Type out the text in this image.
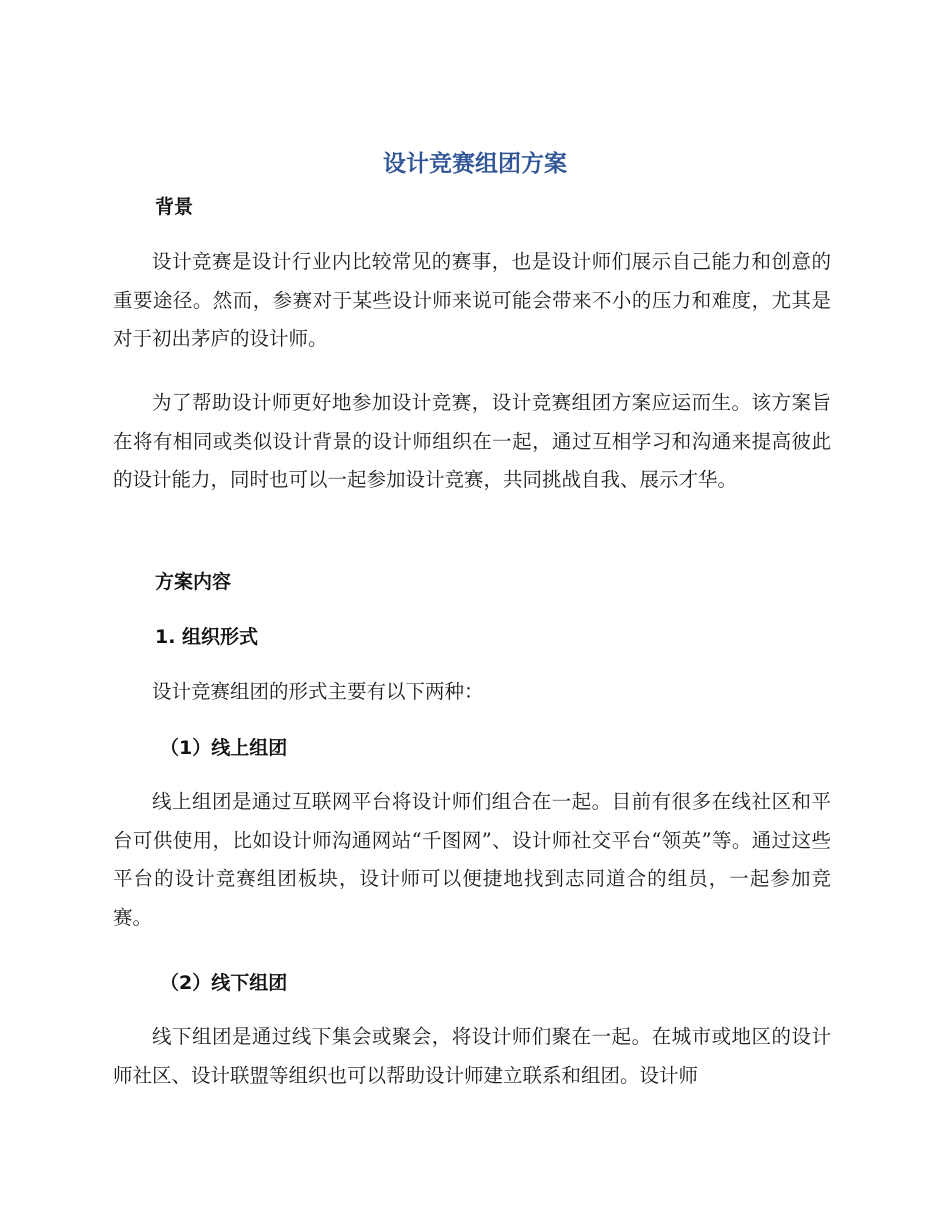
设计竞赛组团方案
背景

设计竞赛是设计行业内比较常见的赛事，也是设计师们展示自己能力和创意的重要途径。然而，参赛对于某些设计师来说可能会带来不小的压力和难度，尤其是对于初出茅庐的设计师。

为了帮助设计师更好地参加设计竞赛，设计竞赛组团方案应运而生。该方案旨在将有相同或类似设计背景的设计师组织在一起，通过互相学习和沟通来提高彼此的设计能力，同时也可以一起参加设计竞赛，共同挑战自我、展示才华。

方案内容
1. 组织形式

设计竞赛组团的形式主要有以下两种：

（1）线上组团

线上组团是通过互联网平台将设计师们组合在一起。目前有很多在线社区和平台可供使用，比如设计师沟通网站“千图网”、设计师社交平台“领英”等。通过这些平台的设计竞赛组团板块，设计师可以便捷地找到志同道合的组员，一起参加竞赛。

（2）线下组团

线下组团是通过线下集会或聚会，将设计师们聚在一起。在城市或地区的设计师社区、设计联盟等组织也可以帮助设计师建立联系和组团。设计师
